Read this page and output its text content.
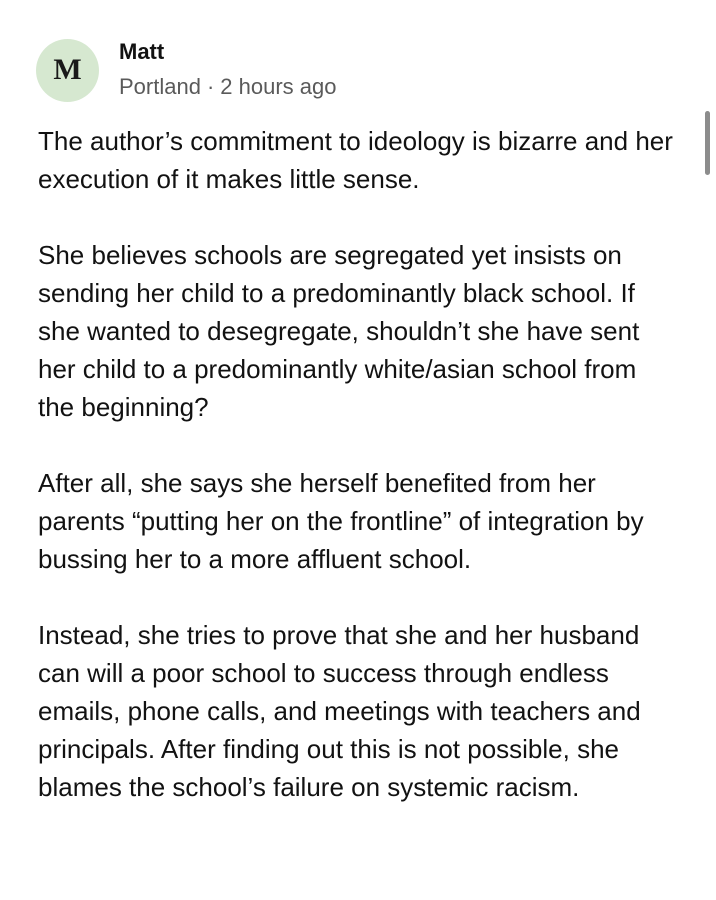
M
Matt
Portland · 2 hours ago

The author’s commitment to ideology is bizarre and her execution of it makes little sense.

She believes schools are segregated yet insists on sending her child to a predominantly black school. If she wanted to desegregate, shouldn’t she have sent her child to a predominantly white/asian school from the beginning?

After all, she says she herself benefited from her parents “putting her on the frontline” of integration by bussing her to a more affluent school.

Instead, she tries to prove that she and her husband can will a poor school to success through endless emails, phone calls, and meetings with teachers and principals. After finding out this is not possible, she blames the school’s failure on systemic racism.
